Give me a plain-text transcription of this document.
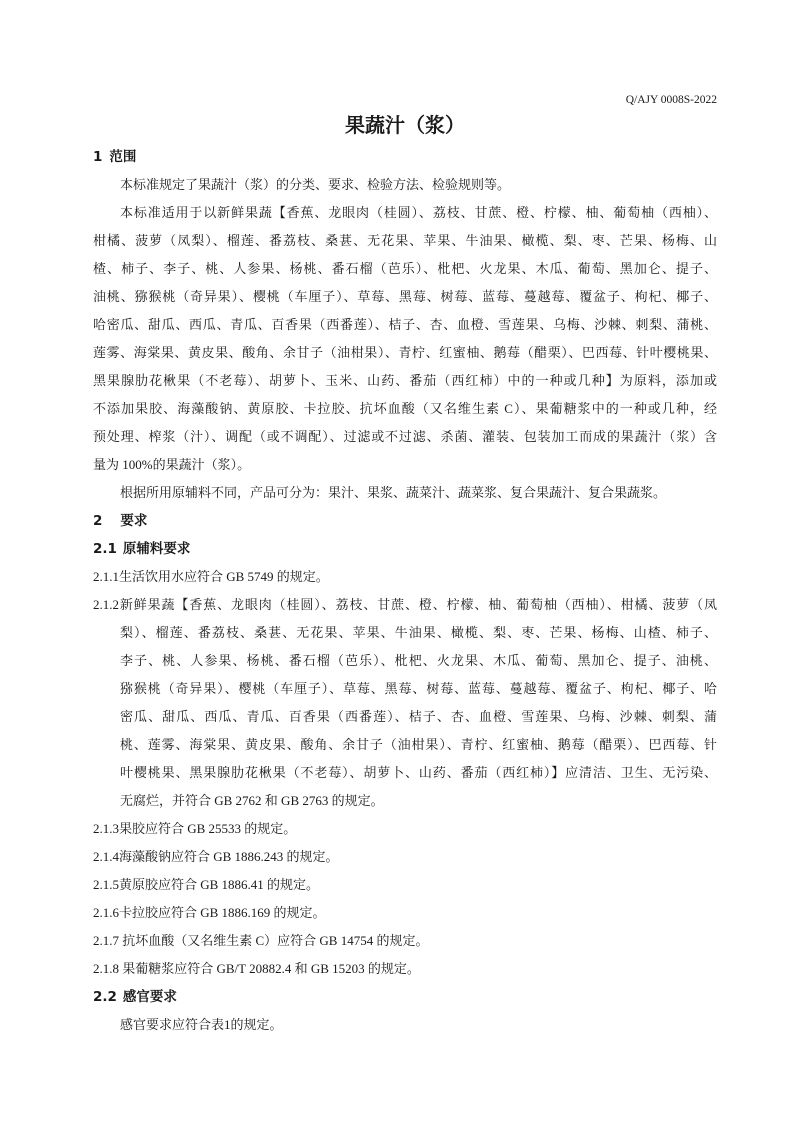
Q/AJY 0008S-2022
果蔬汁（浆）
1 范围
本标准规定了果蔬汁（浆）的分类、要求、检验方法、检验规则等。
本标准适用于以新鲜果蔬【香蕉、龙眼肉（桂圆）、荔枝、甘蔗、橙、柠檬、柚、葡萄柚（西柚）、
柑橘、菠萝（凤梨）、榴莲、番荔枝、桑葚、无花果、苹果、牛油果、橄榄、梨、枣、芒果、杨梅、山
楂、柿子、李子、桃、人参果、杨桃、番石榴（芭乐）、枇杷、火龙果、木瓜、葡萄、黑加仑、提子、
油桃、猕猴桃（奇异果）、樱桃（车厘子）、草莓、黑莓、树莓、蓝莓、蔓越莓、覆盆子、枸杞、椰子、
哈密瓜、甜瓜、西瓜、青瓜、百香果（西番莲）、桔子、杏、血橙、雪莲果、乌梅、沙棘、刺梨、蒲桃、
莲雾、海棠果、黄皮果、酸角、余甘子（油柑果）、青柠、红蜜柚、鹅莓（醋栗）、巴西莓、针叶樱桃果、
黑果腺肋花楸果（不老莓）、胡萝卜、玉米、山药、番茄（西红柿）中的一种或几种】为原料，添加或
不添加果胶、海藻酸钠、黄原胶、卡拉胶、抗坏血酸（又名维生素 C）、果葡糖浆中的一种或几种，经
预处理、榨浆（汁）、调配（或不调配）、过滤或不过滤、杀菌、灌装、包装加工而成的果蔬汁（浆）含
量为 100%的果蔬汁（浆）。
根据所用原辅料不同，产品可分为：果汁、果浆、蔬菜汁、蔬菜浆、复合果蔬汁、复合果蔬浆。
2 要求
2.1 原辅料要求
2.1.1生活饮用水应符合 GB 5749 的规定。
2.1.2新鲜果蔬【香蕉、龙眼肉（桂圆）、荔枝、甘蔗、橙、柠檬、柚、葡萄柚（西柚）、柑橘、菠萝（凤
梨）、榴莲、番荔枝、桑葚、无花果、苹果、牛油果、橄榄、梨、枣、芒果、杨梅、山楂、柿子、
李子、桃、人参果、杨桃、番石榴（芭乐）、枇杷、火龙果、木瓜、葡萄、黑加仑、提子、油桃、
猕猴桃（奇异果）、樱桃（车厘子）、草莓、黑莓、树莓、蓝莓、蔓越莓、覆盆子、枸杞、椰子、哈
密瓜、甜瓜、西瓜、青瓜、百香果（西番莲）、桔子、杏、血橙、雪莲果、乌梅、沙棘、刺梨、蒲
桃、莲雾、海棠果、黄皮果、酸角、余甘子（油柑果）、青柠、红蜜柚、鹅莓（醋栗）、巴西莓、针
叶樱桃果、黑果腺肋花楸果（不老莓）、胡萝卜、山药、番茄（西红柿）】应清洁、卫生、无污染、
无腐烂，并符合 GB 2762 和 GB 2763 的规定。
2.1.3果胶应符合 GB 25533 的规定。
2.1.4海藻酸钠应符合 GB 1886.243 的规定。
2.1.5黄原胶应符合 GB 1886.41 的规定。
2.1.6卡拉胶应符合 GB 1886.169 的规定。
2.1.7 抗坏血酸（又名维生素 C）应符合 GB 14754 的规定。
2.1.8 果葡糖浆应符合 GB/T 20882.4 和 GB 15203 的规定。
2.2 感官要求
感官要求应符合表1的规定。
